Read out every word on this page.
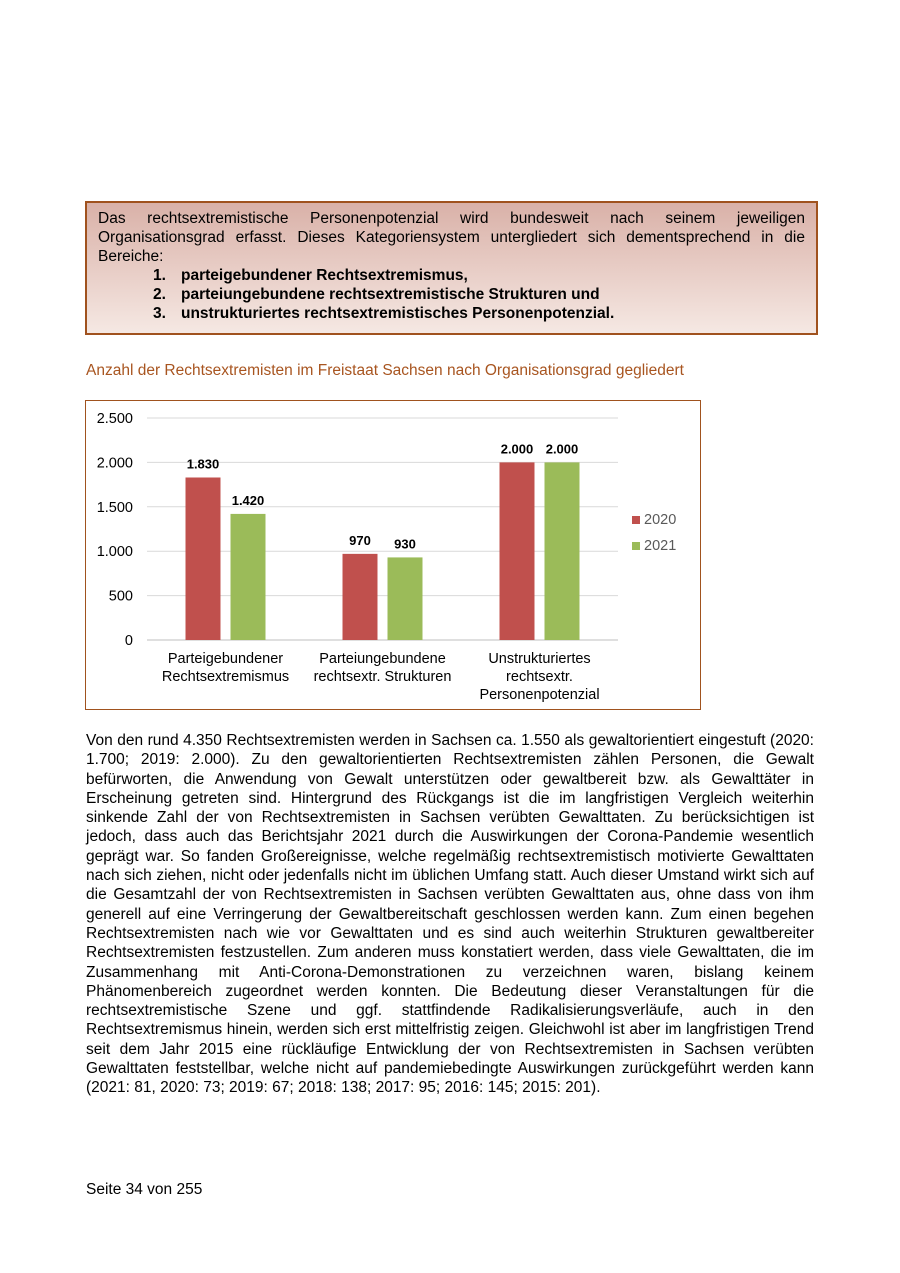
Das rechtsextremistische Personenpotenzial wird bundesweit nach seinem jeweiligen Organisationsgrad erfasst. Dieses Kategoriensystem untergliedert sich dementsprechend in die Bereiche:

1. parteigebundener Rechtsextremismus,
2. parteiungebundene rechtsextremistische Strukturen und
3. unstrukturiertes rechtsextremistisches Personenpotenzial.
Anzahl der Rechtsextremisten im Freistaat Sachsen nach Organisationsgrad gegliedert
0
500
1.000
1.500
2.000
2.500
1.830
1.420
Parteigebundener
Rechtsextremismus
970 930
Parteiungebundene
rechtsextr. Strukturen
2.000 2.000
Unstrukturiertes
rechtsextr.
Personenpotenzial
2020
2021

Von den rund 4.350 Rechtsextremisten werden in Sachsen ca. 1.550 als gewaltorientiert eingestuft (2020: 1.700; 2019: 2.000). Zu den gewaltorientierten Rechtsextremisten zählen Personen, die Gewalt befürworten, die Anwendung von Gewalt unterstützen oder gewaltbereit bzw. als Gewalttäter in Erscheinung getreten sind. Hintergrund des Rückgangs ist die im langfristigen Vergleich weiterhin sinkende Zahl der von Rechtsextremisten in Sachsen verübten Gewalttaten. Zu berücksichtigen ist jedoch, dass auch das Berichtsjahr 2021 durch die Auswirkungen der Corona-Pandemie wesentlich geprägt war. So fanden Großereignisse, welche regelmäßig rechtsextremistisch motivierte Gewalttaten nach sich ziehen, nicht oder jedenfalls nicht im üblichen Umfang statt. Auch dieser Umstand wirkt sich auf die Gesamtzahl der von Rechtsextremisten in Sachsen verübten Gewalttaten aus, ohne dass von ihm generell auf eine Verringerung der Gewaltbereitschaft geschlossen werden kann. Zum einen begehen Rechtsextremisten nach wie vor Gewalttaten und es sind auch weiterhin Strukturen gewaltbereiter Rechtsextremisten festzustellen. Zum anderen muss konstatiert werden, dass viele Gewalttaten, die im Zusammenhang mit Anti-Corona-Demonstrationen zu verzeichnen waren, bislang keinem Phänomenbereich zugeordnet werden konnten. Die Bedeutung dieser Veranstaltungen für die rechtsextremistische Szene und ggf. stattfindende Radikalisierungsverläufe, auch in den Rechtsextremismus hinein, werden sich erst mittelfristig zeigen. Gleichwohl ist aber im langfristigen Trend seit dem Jahr 2015 eine rückläufige Entwicklung der von Rechtsextremisten in Sachsen verübten Gewalttaten feststellbar, welche nicht auf pandemiebedingte Auswirkungen zurückgeführt werden kann (2021: 81, 2020: 73; 2019: 67; 2018: 138; 2017: 95; 2016: 145; 2015: 201).

Seite 34 von 255
